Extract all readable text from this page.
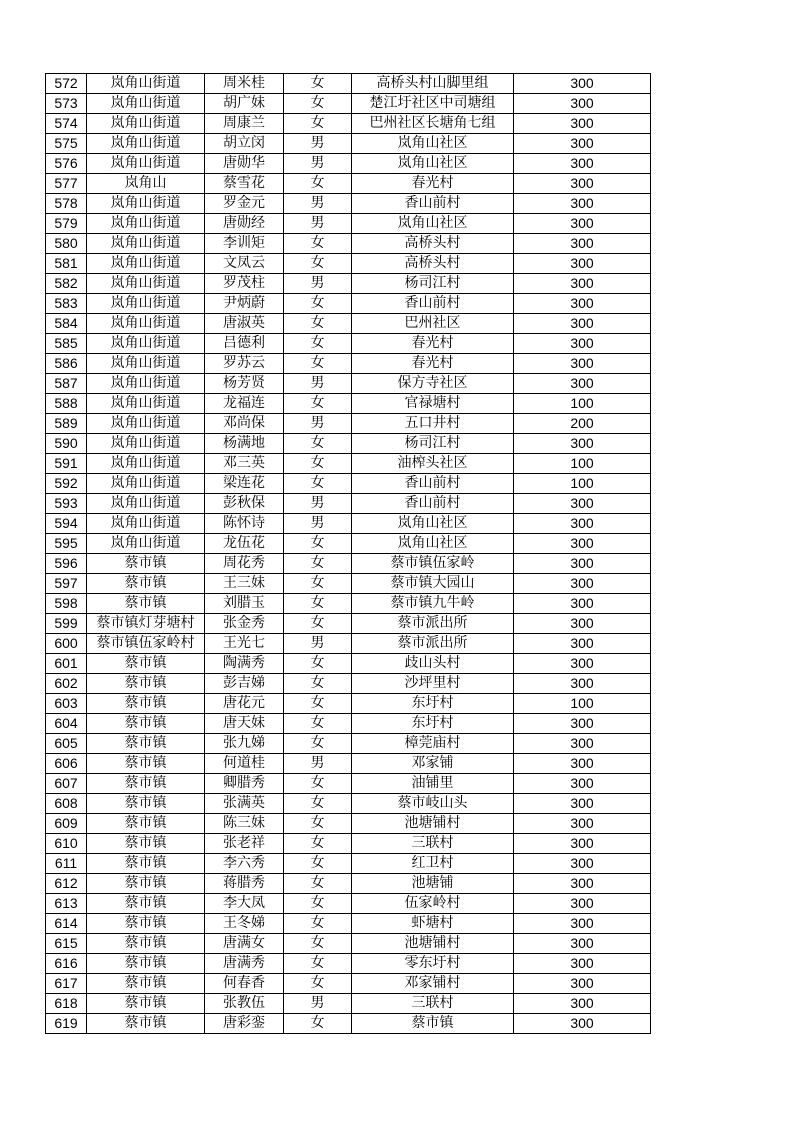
572	岚角山街道	周米桂	女	高桥头村山脚里组	300
573	岚角山街道	胡广妹	女	楚江圩社区中司塘组	300
574	岚角山街道	周康兰	女	巴州社区长塘角七组	300
575	岚角山街道	胡立闵	男	岚角山社区	300
576	岚角山街道	唐勋华	男	岚角山社区	300
577	岚角山	蔡雪花	女	春光村	300
578	岚角山街道	罗金元	男	香山前村	300
579	岚角山街道	唐勋经	男	岚角山社区	300
580	岚角山街道	李训矩	女	高桥头村	300
581	岚角山街道	文凤云	女	高桥头村	300
582	岚角山街道	罗茂柱	男	杨司江村	300
583	岚角山街道	尹炳蔚	女	香山前村	300
584	岚角山街道	唐淑英	女	巴州社区	300
585	岚角山街道	吕德利	女	春光村	300
586	岚角山街道	罗苏云	女	春光村	300
587	岚角山街道	杨芳贤	男	保方寺社区	300
588	岚角山街道	龙福连	女	官禄塘村	100
589	岚角山街道	邓尚保	男	五口井村	200
590	岚角山街道	杨满地	女	杨司江村	300
591	岚角山街道	邓三英	女	油榨头社区	100
592	岚角山街道	梁连花	女	香山前村	100
593	岚角山街道	彭秋保	男	香山前村	300
594	岚角山街道	陈怀诗	男	岚角山社区	300
595	岚角山街道	龙伍花	女	岚角山社区	300
596	蔡市镇	周花秀	女	蔡市镇伍家岭	300
597	蔡市镇	王三妹	女	蔡市镇大园山	300
598	蔡市镇	刘腊玉	女	蔡市镇九牛岭	300
599	蔡市镇灯芽塘村	张金秀	女	蔡市派出所	300
600	蔡市镇伍家岭村	王光七	男	蔡市派出所	300
601	蔡市镇	陶满秀	女	歧山头村	300
602	蔡市镇	彭吉娣	女	沙坪里村	300
603	蔡市镇	唐花元	女	东圩村	100
604	蔡市镇	唐天妹	女	东圩村	300
605	蔡市镇	张九娣	女	樟莞庙村	300
606	蔡市镇	何道桂	男	邓家铺	300
607	蔡市镇	卿腊秀	女	油铺里	300
608	蔡市镇	张满英	女	蔡市岐山头	300
609	蔡市镇	陈三妹	女	池塘铺村	300
610	蔡市镇	张老祥	女	三联村	300
611	蔡市镇	李六秀	女	红卫村	300
612	蔡市镇	蒋腊秀	女	池塘铺	300
613	蔡市镇	李大凤	女	伍家岭村	300
614	蔡市镇	王冬娣	女	虾塘村	300
615	蔡市镇	唐满女	女	池塘铺村	300
616	蔡市镇	唐满秀	女	零东圩村	300
617	蔡市镇	何春香	女	邓家铺村	300
618	蔡市镇	张教伍	男	三联村	300
619	蔡市镇	唐彩銮	女	蔡市镇	300
